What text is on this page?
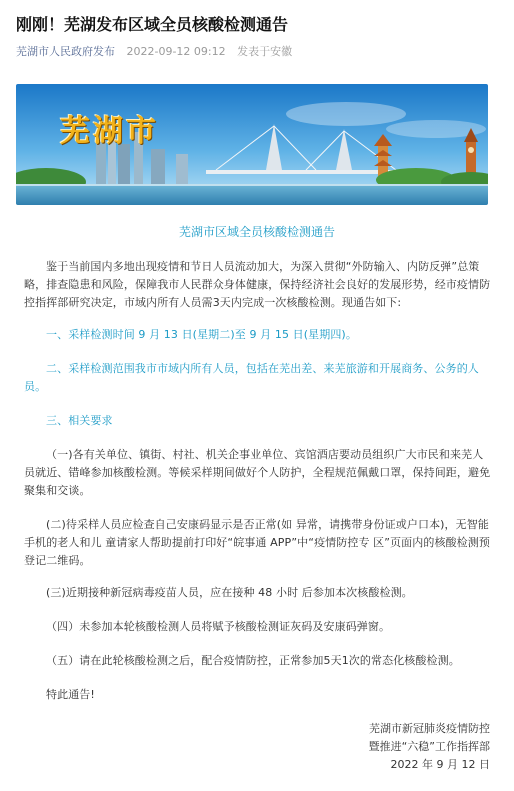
刚刚！芜湖发布区域全员核酸检测通告
芜湖市人民政府发布 2022-09-12 09:12 发表于安徽
芜湖市
芜湖市区域全员核酸检测通告

鉴于当前国内多地出现疫情和节日人员流动加大，为深入贯彻“外防输入、内防反弹”总策略，排查隐患和风险，保障我市人民群众身体健康，保持经济社会良好的发展形势，经市疫情防控指挥部研究决定，市域内所有人员需3天内完成一次核酸检测。现通告如下:

一、采样检测时间 9 月 13 日(星期二)至 9 月 15 日(星期四)。

二、采样检测范围我市市域内所有人员，包括在芜出差、来芜旅游和开展商务、公务的人员。

三、相关要求

（一)各有关单位、镇街、村社、机关企事业单位、宾馆酒店要动员组织广大市民和来芜人员就近、错峰参加核酸检测。等候采样期间做好个人防护，全程规范佩戴口罩，保持间距，避免聚集和交谈。

(二)待采样人员应检查自己安康码显示是否正常(如 异常，请携带身份证或户口本)，无智能手机的老人和儿 童请家人帮助提前打印好“皖事通 APP”中“疫情防控专 区”页面内的核酸检测预登记二维码。

(三)近期接种新冠病毒疫苗人员，应在接种 48 小时 后参加本次核酸检测。

（四）未参加本轮核酸检测人员将赋予核酸检测证灰码及安康码弹窗。

（五）请在此轮核酸检测之后，配合疫情防控，正常参加5天1次的常态化核酸检测。

特此通告!

芜湖市新冠肺炎疫情防控
暨推进“六稳”工作指挥部
2022 年 9 月 12 日
